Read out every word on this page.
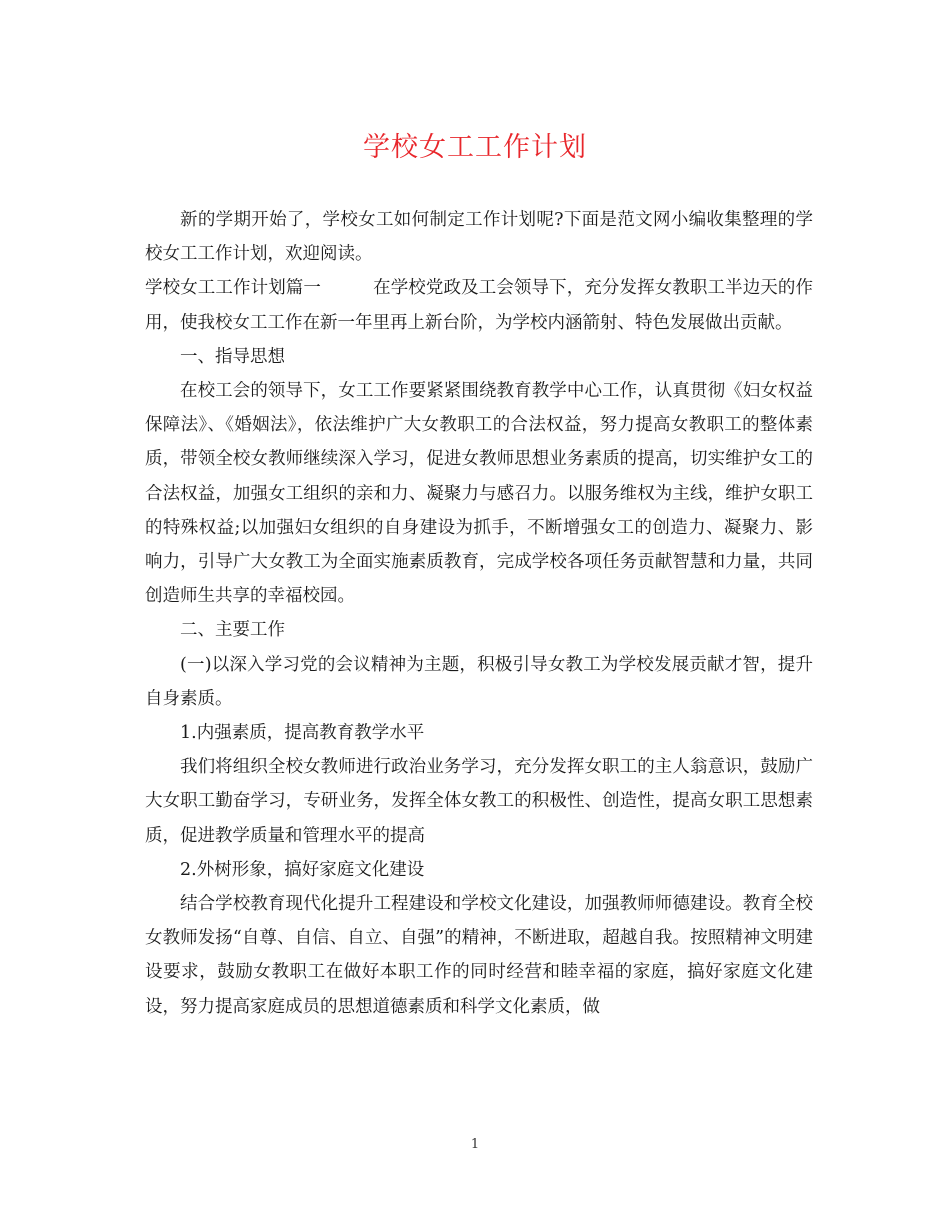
学校女工工作计划

新的学期开始了，学校女工如何制定工作计划呢?下面是范文网小编收集整理的学校女工工作计划，欢迎阅读。

学校女工工作计划篇一	在学校党政及工会领导下，充分发挥女教职工半边天的作用，使我校女工工作在新一年里再上新台阶，为学校内涵箭射、特色发展做出贡献。

一、指导思想

在校工会的领导下，女工工作要紧紧围绕教育教学中心工作，认真贯彻《妇女权益保障法》、《婚姻法》，依法维护广大女教职工的合法权益，努力提高女教职工的整体素质，带领全校女教师继续深入学习，促进女教师思想业务素质的提高，切实维护女工的合法权益，加强女工组织的亲和力、凝聚力与感召力。以服务维权为主线，维护女职工的特殊权益;以加强妇女组织的自身建设为抓手，不断增强女工的创造力、凝聚力、影响力，引导广大女教工为全面实施素质教育，完成学校各项任务贡献智慧和力量，共同创造师生共享的幸福校园。

二、主要工作

(一)以深入学习党的会议精神为主题，积极引导女教工为学校发展贡献才智，提升自身素质。

1.内强素质，提高教育教学水平

我们将组织全校女教师进行政治业务学习，充分发挥女职工的主人翁意识，鼓励广大女职工勤奋学习，专研业务，发挥全体女教工的积极性、创造性，提高女职工思想素质，促进教学质量和管理水平的提高

2.外树形象，搞好家庭文化建设

结合学校教育现代化提升工程建设和学校文化建设，加强教师师德建设。教育全校女教师发扬“自尊、自信、自立、自强”的精神，不断进取，超越自我。按照精神文明建设要求，鼓励女教职工在做好本职工作的同时经营和睦幸福的家庭，搞好家庭文化建设，努力提高家庭成员的思想道德素质和科学文化素质，做

1
